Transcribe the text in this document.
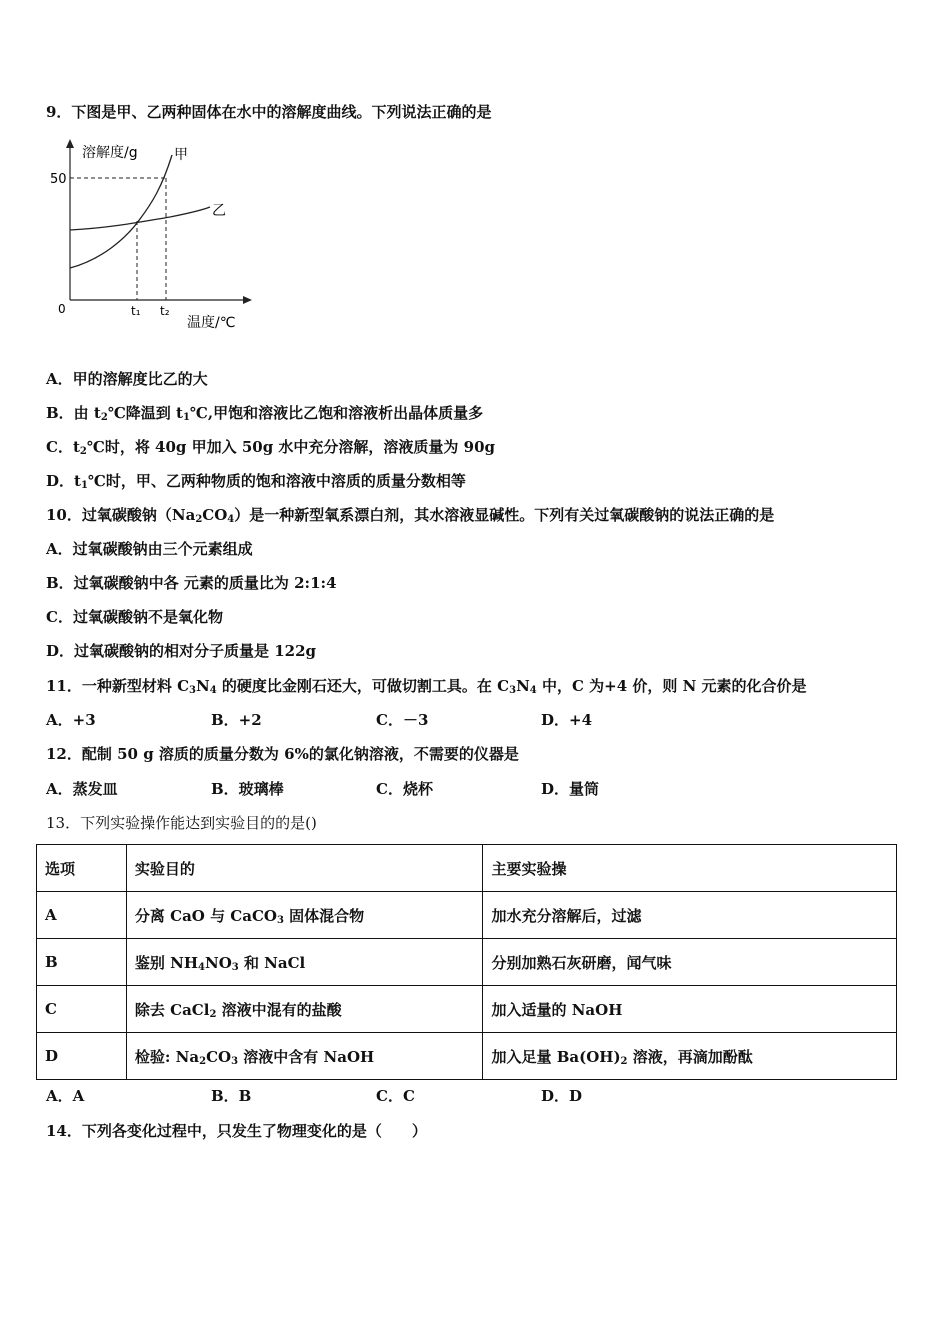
9．下图是甲、乙两种固体在水中的溶解度曲线。下列说法正确的是
溶解度/g	甲
乙
50
0	t₁ t₂
温度/℃
A．甲的溶解度比乙的大
B．由 $t_2℃$降温到 $t_1℃$,甲饱和溶液比乙饱和溶液析出晶体质量多
C．$t_2℃$时，将 40g 甲加入 50g 水中充分溶解，溶液质量为 90g
D．$t_1℃$时，甲、乙两种物质的饱和溶液中溶质的质量分数相等
10．过氧碳酸钠$(Na_2CO_4)$是一种新型氧系漂白剂，其水溶液显碱性。下列有关过氧碳酸钠的说法正确的是
A．过氧碳酸钠由三个元素组成
B．过氧碳酸钠中各 元素的质量比为 2:1:4
C．过氧碳酸钠不是氧化物
D．过氧碳酸钠的相对分子质量是 122g
11．一种新型材料 $C_3N_4$ 的硬度比金刚石还大，可做切割工具。在 $C_3N_4$ 中，C 为+4 价，则 N 元素的化合价是
A．+3	B．+2	C．－3	D．+4
12．配制 50 g 溶质的质量分数为 6%的氯化钠溶液，不需要的仪器是
A．蒸发皿	B．玻璃棒	C．烧杯	D．量筒
13．下列实验操作能达到实验目的的是()
选项	实验目的	主要实验操
A	分离 CaO 与 CaCO$_3$ 固体混合物	加水充分溶解后，过滤
B	鉴别 $NH_4NO_3$ 和 NaCl	分别加熟石灰研磨，闻气味
C	除去 CaCl$_2$ 溶液中混有的盐酸	加入适量的 NaOH
D	检验: $Na_2CO_3$ 溶液中含有 NaOH	加入足量 $Ba(OH)_2$ 溶液，再滴加酚酞
A．A	B．B	C．C	D．D
14．下列各变化过程中，只发生了物理变化的是（　　）
